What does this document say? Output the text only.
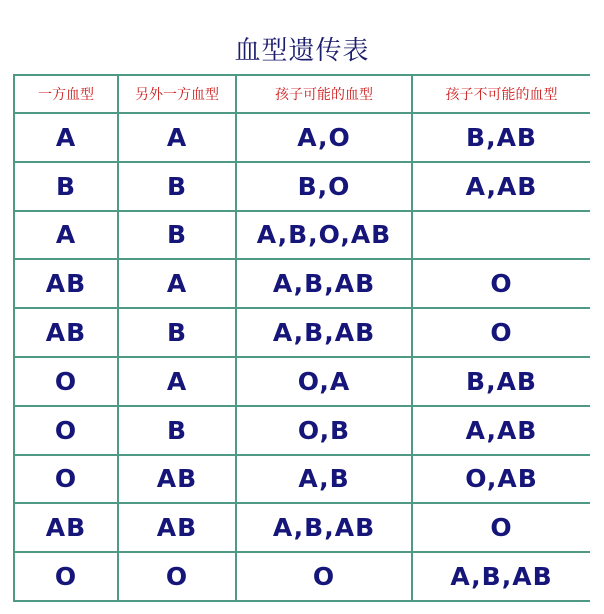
血型遗传表
一方血型	另外一方血型	孩子可能的血型	孩子不可能的血型
A	A	A,O	B,AB
B	B	B,O	A,AB
A	B	A,B,O,AB	
AB	A	A,B,AB	O
AB	B	A,B,AB	O
O	A	O,A	B,AB
O	B	O,B	A,AB
O	AB	A,B	O,AB
AB	AB	A,B,AB	O
O	O	O	A,B,AB
